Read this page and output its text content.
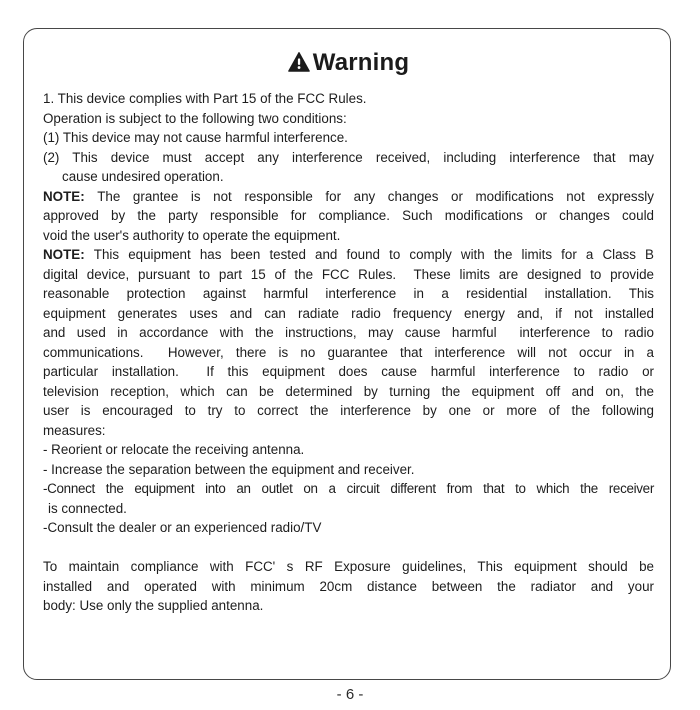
Warning
1. This device complies with Part 15 of the FCC Rules.
Operation is subject to the following two conditions:
(1) This device may not cause harmful interference.
(2) This device must accept any interference received, including interference that may
cause undesired operation.
NOTE: The grantee is not responsible for any changes or modifications not expressly
approved by the party responsible for compliance. Such modifications or changes could
void the user's authority to operate the equipment.
NOTE: This equipment has been tested and found to comply with the limits for a Class B
digital device, pursuant to part 15 of the FCC Rules.  These limits are designed to provide
reasonable protection against harmful interference in a residential installation. This
equipment generates uses and can radiate radio frequency energy and, if not installed
and used in accordance with the instructions, may cause harmful  interference to radio
communications.  However, there is no guarantee that interference will not occur in a
particular installation.  If this equipment does cause harmful interference to radio or
television reception, which can be determined by turning the equipment off and on, the
user is encouraged to try to correct the interference by one or more of the following
measures:
- Reorient or relocate the receiving antenna.
- Increase the separation between the equipment and receiver.
-Connect the equipment into an outlet on a circuit different from that to which the receiver
is connected.
-Consult the dealer or an experienced radio/TV

To maintain compliance with FCC' s RF Exposure guidelines, This equipment should be
installed and operated with minimum 20cm distance between the radiator and your
body: Use only the supplied antenna.
- 6 -
